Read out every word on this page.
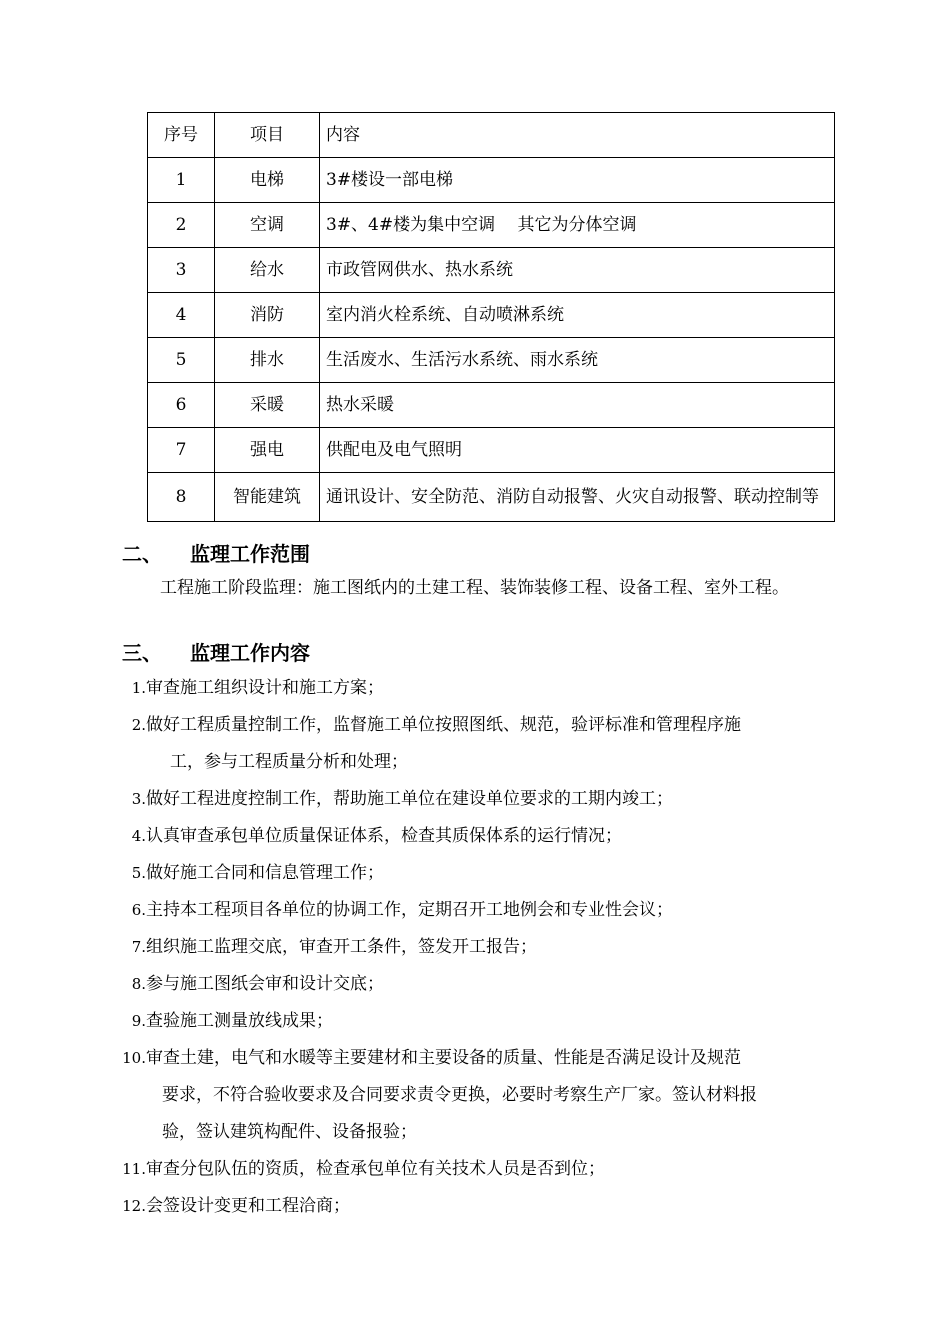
序号	项目	内容
1	电梯	3#楼设一部电梯
2	空调	3#、4#楼为集中空调　 其它为分体空调
3	给水	市政管网供水、热水系统
4	消防	室内消火栓系统、自动喷淋系统
5	排水	生活废水、生活污水系统、雨水系统
6	采暖	热水采暖
7	强电	供配电及电气照明
8	智能建筑	通讯设计、安全防范、消防自动报警、火灾自动报警、联动控制等
二、 监理工作范围
工程施工阶段监理：施工图纸内的土建工程、装饰装修工程、设备工程、室外工程。
三、 监理工作内容
1. 审查施工组织设计和施工方案；
2. 做好工程质量控制工作，监督施工单位按照图纸、规范，验评标准和管理程序施
工，参与工程质量分析和处理；
3. 做好工程进度控制工作，帮助施工单位在建设单位要求的工期内竣工；
4. 认真审查承包单位质量保证体系，检查其质保体系的运行情况；
5. 做好施工合同和信息管理工作；
6. 主持本工程项目各单位的协调工作，定期召开工地例会和专业性会议；
7. 组织施工监理交底，审查开工条件，签发开工报告；
8. 参与施工图纸会审和设计交底；
9. 查验施工测量放线成果；
10. 审查土建，电气和水暖等主要建材和主要设备的质量、性能是否满足设计及规范
要求，不符合验收要求及合同要求责令更换，必要时考察生产厂家。签认材料报
验，签认建筑构配件、设备报验；
11. 审查分包队伍的资质，检查承包单位有关技术人员是否到位；
12. 会签设计变更和工程洽商；
